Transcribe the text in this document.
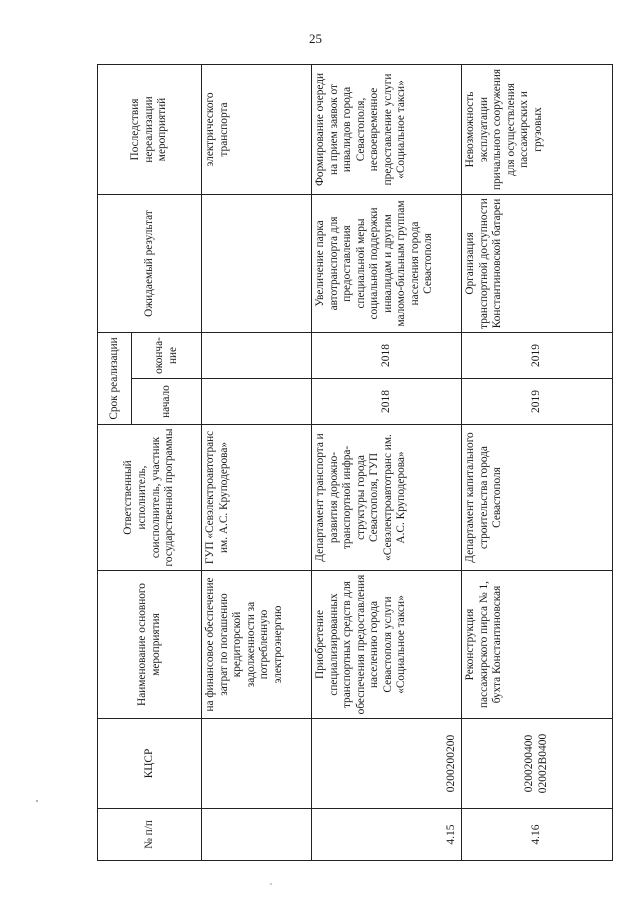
25
№ п/п	КЦСР	Наименование основного мероприятия	Ответственный исполнитель, соисполнитель, участник государственной программы	Срок реализации		Ожидаемый результат	Последствия нереализации мероприятий
				начало	оконча-ние		
		на финансовое обеспечение затрат по погашению кредиторской задолженности за потребленную электроэнергию	ГУП «Севэлектроавтотранс им. А.С. Круподерова»				электрического транспорта
4.15	0200200200	Приобретение специализированных транспортных средств для обеспечения предоставления населению города Севастополя услуги «Социальное такси»	Департамент транспорта и развития дорожно-транспортной инфра-структуры города Севастополя, ГУП «Севэлектроавтотранс им. А.С. Круподерова»	2018	2018	Увеличение парка автотранспорта для предоставления специальной меры социальной поддержки инвалидам и другим маломо-бильным группам населения города Севастополя	Формирование очереди на прием заявок от инвалидов города Севастополя, несвоевременное предоставление услуги «Социальное такси»
4.16	0200200400 02002В0400	Реконструкция пассажирского пирса № 1, бухта Константиновская	Департамент капитального строительства города Севастополя	2019	2019	Организация транспортной доступности Константиновской батареи	Невозможность эксплуатации причального сооружения для осуществления пассажирских и грузовых
